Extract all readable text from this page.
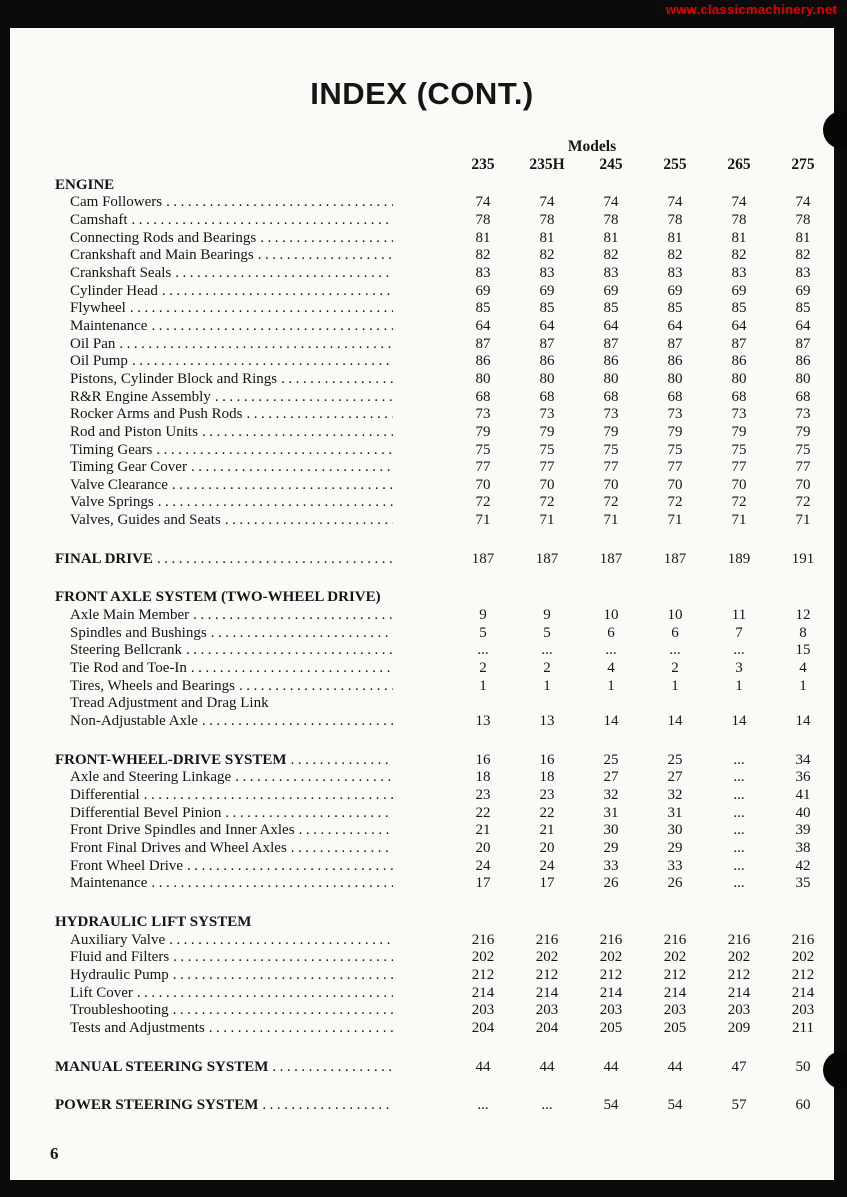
www.classicmachinery.net
INDEX (CONT.)
Models
235	235H	245	255	265	275
ENGINE
Cam Followers .....	74	74	74	74	74	74
Camshaft .....	78	78	78	78	78	78
Connecting Rods and Bearings .....	81	81	81	81	81	81
Crankshaft and Main Bearings .....	82	82	82	82	82	82
Crankshaft Seals .....	83	83	83	83	83	83
Cylinder Head .....	69	69	69	69	69	69
Flywheel .....	85	85	85	85	85	85
Maintenance .....	64	64	64	64	64	64
Oil Pan .....	87	87	87	87	87	87
Oil Pump .....	86	86	86	86	86	86
Pistons, Cylinder Block and Rings .....	80	80	80	80	80	80
R&R Engine Assembly .....	68	68	68	68	68	68
Rocker Arms and Push Rods .....	73	73	73	73	73	73
Rod and Piston Units .....	79	79	79	79	79	79
Timing Gears .....	75	75	75	75	75	75
Timing Gear Cover .....	77	77	77	77	77	77
Valve Clearance .....	70	70	70	70	70	70
Valve Springs .....	72	72	72	72	72	72
Valves, Guides and Seats .....	71	71	71	71	71	71
FINAL DRIVE .....	187	187	187	187	189	191
FRONT AXLE SYSTEM (TWO-WHEEL DRIVE)
Axle Main Member .....	9	9	10	10	11	12
Spindles and Bushings .....	5	5	6	6	7	8
Steering Bellcrank .....	...	...	...	...	...	15
Tie Rod and Toe-In .....	2	2	4	2	3	4
Tires, Wheels and Bearings .....	1	1	1	1	1	1
Tread Adjustment and Drag Link
Non-Adjustable Axle .....	13	13	14	14	14	14
FRONT-WHEEL-DRIVE SYSTEM .....	16	16	25	25	...	34
Axle and Steering Linkage .....	18	18	27	27	...	36
Differential .....	23	23	32	32	...	41
Differential Bevel Pinion .....	22	22	31	31	...	40
Front Drive Spindles and Inner Axles .....	21	21	30	30	...	39
Front Final Drives and Wheel Axles .....	20	20	29	29	...	38
Front Wheel Drive .....	24	24	33	33	...	42
Maintenance .....	17	17	26	26	...	35
HYDRAULIC LIFT SYSTEM
Auxiliary Valve .....	216	216	216	216	216	216
Fluid and Filters .....	202	202	202	202	202	202
Hydraulic Pump .....	212	212	212	212	212	212
Lift Cover .....	214	214	214	214	214	214
Troubleshooting .....	203	203	203	203	203	203
Tests and Adjustments .....	204	204	205	205	209	211
MANUAL STEERING SYSTEM .....	44	44	44	44	47	50
POWER STEERING SYSTEM .....	...	...	54	54	57	60
6
